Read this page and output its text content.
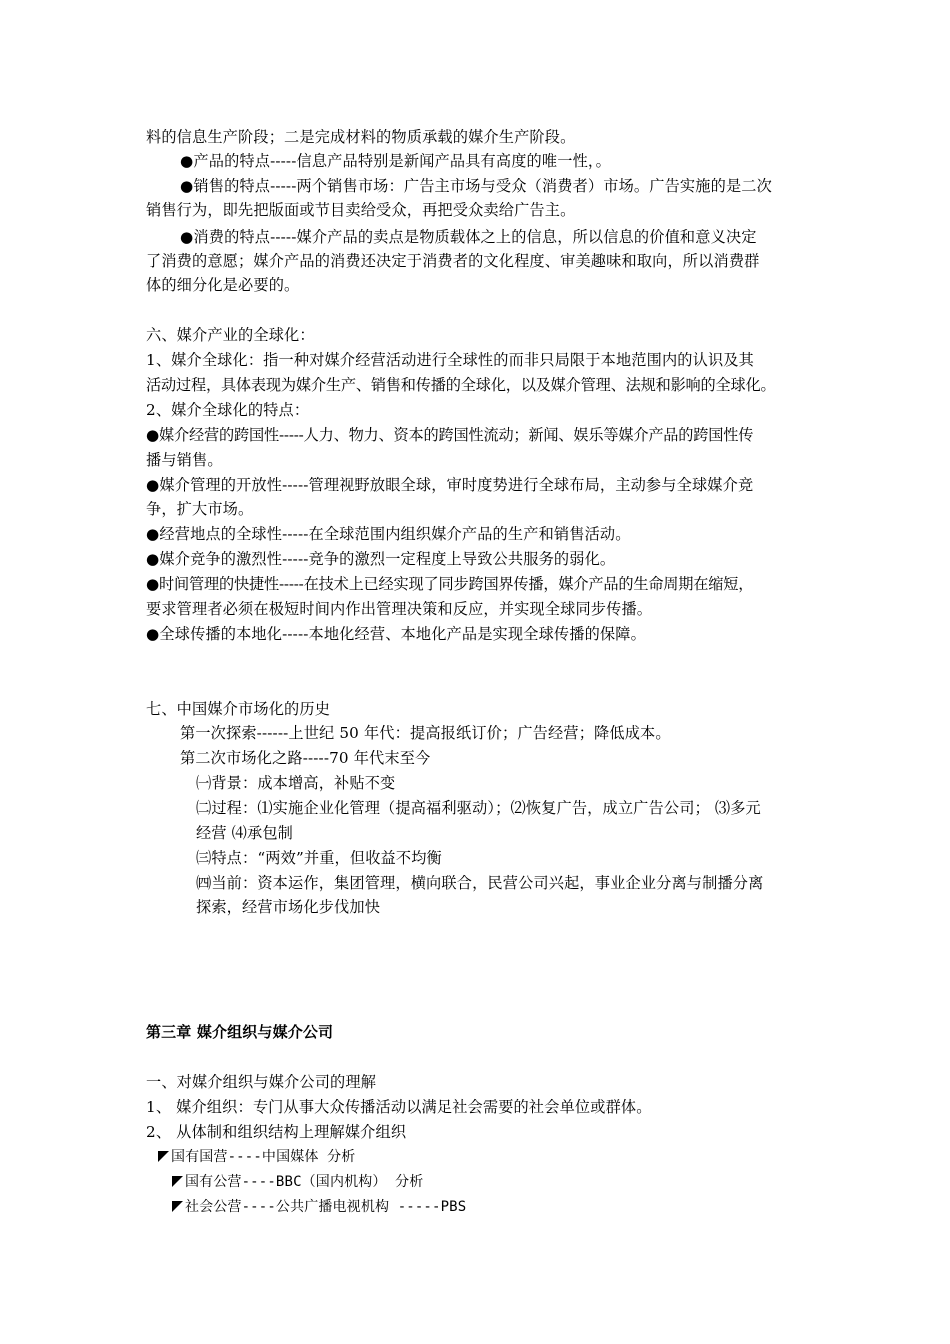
料的信息生产阶段；二是完成材料的物质承载的媒介生产阶段。
●产品的特点-----信息产品特别是新闻产品具有高度的唯一性，。
●销售的特点-----两个销售市场：广告主市场与受众（消费者）市场。广告实施的是二次
销售行为，即先把版面或节目卖给受众，再把受众卖给广告主。
●消费的特点-----媒介产品的卖点是物质载体之上的信息，所以信息的价值和意义决定
了消费的意愿；媒介产品的消费还决定于消费者的文化程度、审美趣味和取向，所以消费群
体的细分化是必要的。
六、媒介产业的全球化：
1、媒介全球化：指一种对媒介经营活动进行全球性的而非只局限于本地范围内的认识及其
活动过程，具体表现为媒介生产、销售和传播的全球化，以及媒介管理、法规和影响的全球化。
2、媒介全球化的特点：
●媒介经营的跨国性-----人力、物力、资本的跨国性流动；新闻、娱乐等媒介产品的跨国性传
播与销售。
●媒介管理的开放性-----管理视野放眼全球，审时度势进行全球布局，主动参与全球媒介竞
争，扩大市场。
●经营地点的全球性-----在全球范围内组织媒介产品的生产和销售活动。
●媒介竞争的激烈性-----竞争的激烈一定程度上导致公共服务的弱化。
●时间管理的快捷性-----在技术上已经实现了同步跨国界传播，媒介产品的生命周期在缩短，
要求管理者必须在极短时间内作出管理决策和反应，并实现全球同步传播。
●全球传播的本地化-----本地化经营、本地化产品是实现全球传播的保障。
七、中国媒介市场化的历史
第一次探索------上世纪 50 年代：提高报纸订价；广告经营；降低成本。
第二次市场化之路-----70 年代末至今
㈠背景：成本增高，补贴不变
㈡过程：⑴实施企业化管理（提高福利驱动）；⑵恢复广告，成立广告公司； ⑶多元
经营 ⑷承包制
㈢特点：“两效”并重，但收益不均衡
㈣当前：资本运作，集团管理，横向联合，民营公司兴起，事业企业分离与制播分离
探索，经营市场化步伐加快
第三章 媒介组织与媒介公司
一、对媒介组织与媒介公司的理解
1、 媒介组织：专门从事大众传播活动以满足社会需要的社会单位或群体。
2、 从体制和组织结构上理解媒介组织
国有国营----中国媒体 分析
国有公营----BBC（国内机构） 分析
社会公营----公共广播电视机构 -----PBS
